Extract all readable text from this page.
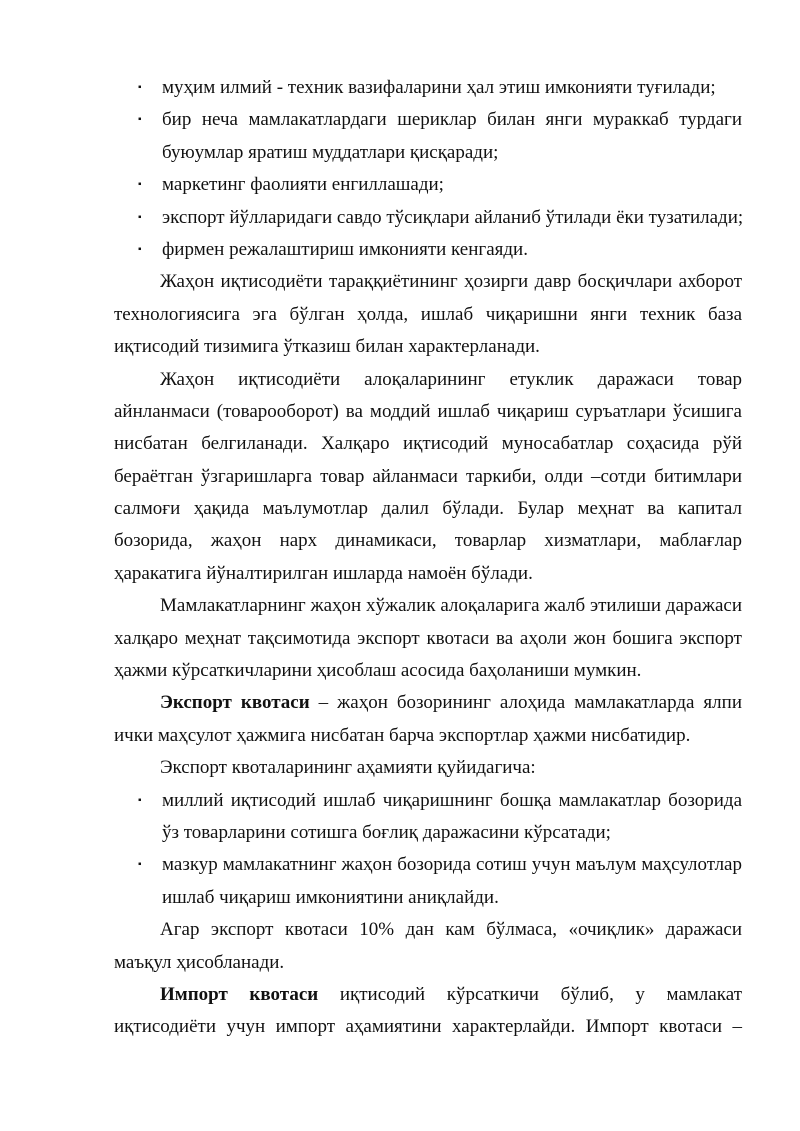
▪ муҳим илмий - техник вазифаларини ҳал этиш имконияти туғилади;
▪ бир неча мамлакатлардаги шериклар билан янги мураккаб турдаги
буюумлар яратиш муддатлари қисқаради;
▪ маркетинг фаолияти енгиллашади;
▪ экспорт йўлларидаги савдо тўсиқлари айланиб ўтилади ёки тузатилади;
▪ фирмен режалаштириш имконияти кенгаяди.
Жаҳон иқтисодиёти тараққиётининг ҳозирги давр босқичлари ахборот
технологиясига эга бўлган ҳолда, ишлаб чиқаришни янги техник база
иқтисодий тизимига ўтказиш билан характерланади.
Жаҳон иқтисодиёти алоқаларининг етуклик даражаси товар
айнланмаси (товарооборот) ва моддий ишлаб чиқариш суръатлари ўсишига
нисбатан белгиланади. Халқаро иқтисодий муносабатлар соҳасида рўй
бераётган ўзгаришларга товар айланмаси таркиби, олди –сотди битимлари
салмоғи ҳақида маълумотлар далил бўлади. Булар меҳнат ва капитал
бозорида, жаҳон нарх динамикаси, товарлар хизматлари, маблағлар
ҳаракатига йўналтирилган ишларда намоён бўлади.
Мамлакатларнинг жаҳон хўжалик алоқаларига жалб этилиши даражаси
халқаро меҳнат тақсимотида экспорт квотаси ва аҳоли жон бошига экспорт
ҳажми кўрсаткичларини ҳисоблаш асосида баҳоланиши мумкин.
Экспорт квотаси – жаҳон бозорининг алоҳида мамлакатларда ялпи
ички маҳсулот ҳажмига нисбатан барча экспортлар ҳажми нисбатидир.
Экспорт квоталарининг аҳамияти қуйидагича:
▪ миллий иқтисодий ишлаб чиқаришнинг бошқа мамлакатлар бозорида
ўз товарларини сотишга боғлиқ даражасини кўрсатади;
▪ мазкур мамлакатнинг жаҳон бозорида сотиш учун маълум маҳсулотлар
ишлаб чиқариш имкониятини аниқлайди.
Агар экспорт квотаси 10% дан кам бўлмаса, «очиқлик» даражаси
маъқул ҳисобланади.
Импорт квотаси иқтисодий кўрсаткичи бўлиб, у мамлакат
иқтисодиёти учун импорт аҳамиятини характерлайди. Импорт квотаси –
